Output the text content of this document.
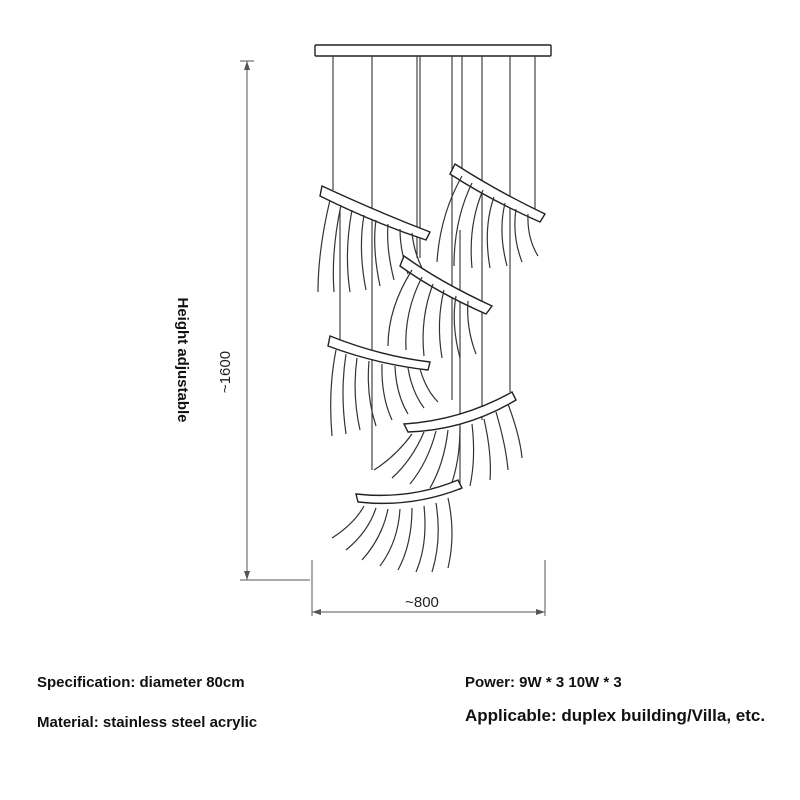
~1600
~800
Height adjustable

Specification: diameter 80cm	Power: 9W * 3 10W * 3

Material: stainless steel acrylic	Applicable: duplex building/Villa, etc.
